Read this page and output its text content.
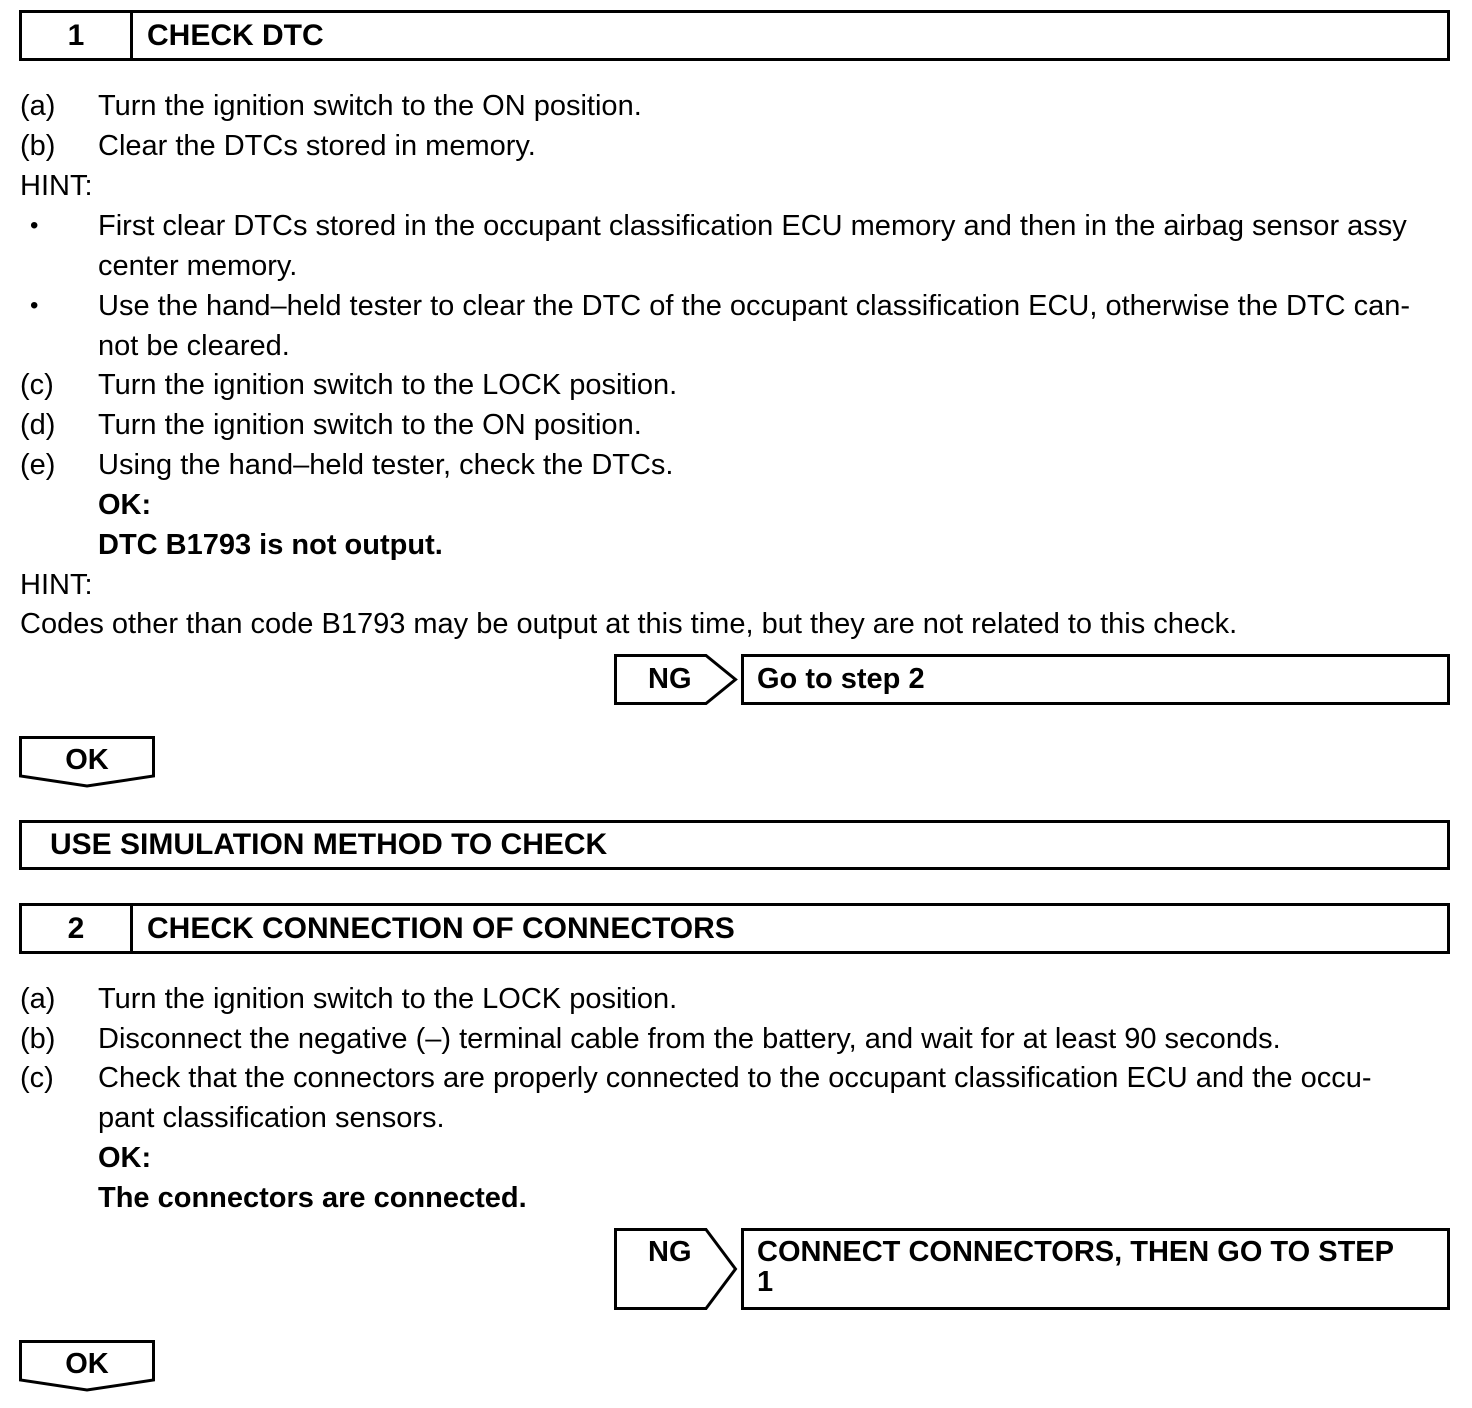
1	CHECK DTC
(a) Turn the ignition switch to the ON position.
(b) Clear the DTCs stored in memory.
HINT:
• First clear DTCs stored in the occupant classification ECU memory and then in the airbag sensor assy
center memory.
• Use the hand–held tester to clear the DTC of the occupant classification ECU, otherwise the DTC can-
not be cleared.
(c) Turn the ignition switch to the LOCK position.
(d) Turn the ignition switch to the ON position.
(e) Using the hand–held tester, check the DTCs.
OK:
DTC B1793 is not output.
HINT:
Codes other than code B1793 may be output at this time, but they are not related to this check.
NG	Go to step 2
OK
USE SIMULATION METHOD TO CHECK
2	CHECK CONNECTION OF CONNECTORS
(a) Turn the ignition switch to the LOCK position.
(b) Disconnect the negative (–) terminal cable from the battery, and wait for at least 90 seconds.
(c) Check that the connectors are properly connected to the occupant classification ECU and the occu-
pant classification sensors.
OK:
The connectors are connected.
NG CONNECT CONNECTORS, THEN GO TO STEP
1
OK
